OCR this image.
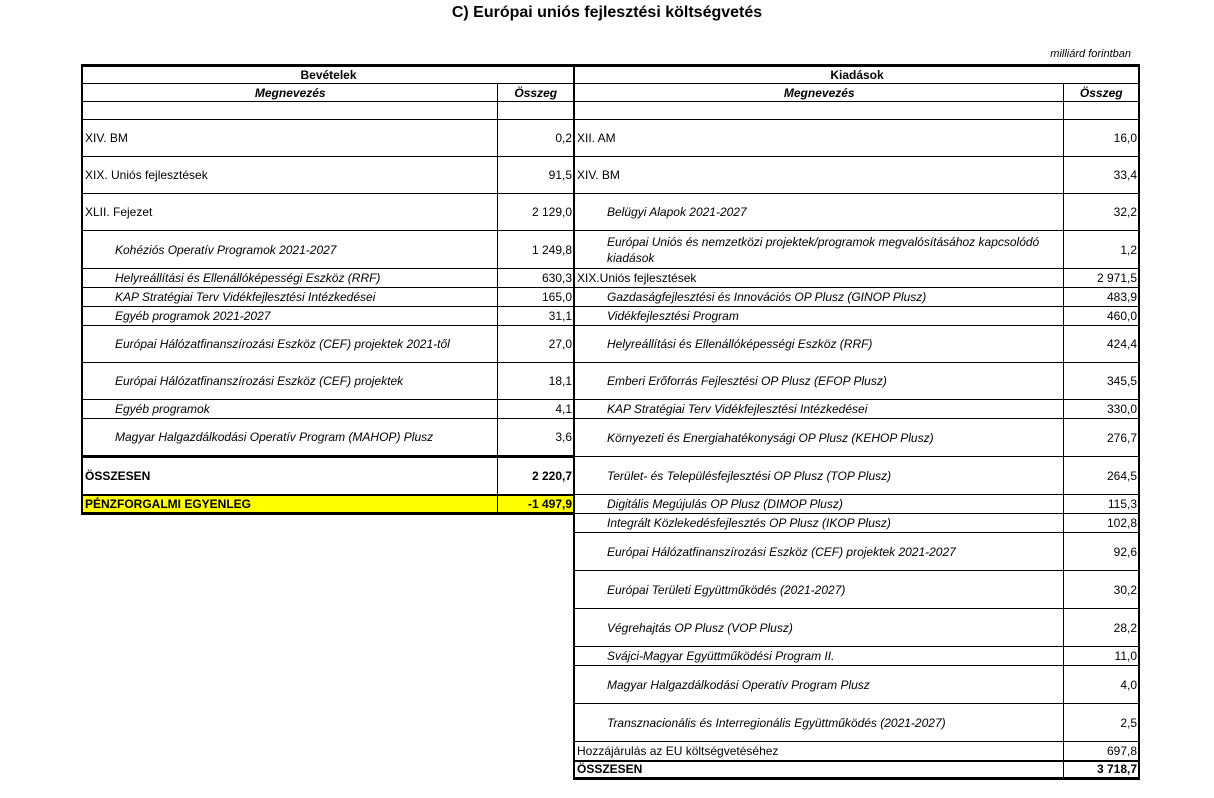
C) Európai uniós fejlesztési költségvetés
milliárd forintban
Bevételek	
Megnevezés	Összeg

XIV. BM	0,2
XIX. Uniós fejlesztések	91,5
XLII. Fejezet	2 129,0
Kohéziós Operatív Programok 2021-2027	1 249,8
Helyreállítási és Ellenállóképességi Eszköz (RRF)	630,3
KAP Stratégiai Terv Vidékfejlesztési Intézkedései	165,0
Egyéb programok 2021-2027	31,1
Európai Hálózatfinanszírozási Eszköz (CEF) projektek 2021-től	27,0
Európai Hálózatfinanszírozási Eszköz (CEF) projektek	18,1
Egyéb programok	4,1
Magyar Halgazdálkodási Operatív Program (MAHOP) Plusz	3,6
ÖSSZESEN	2 220,7
PÉNZFORGALMI EGYENLEG	-1 497,9
Kiadások	
Megnevezés	Összeg

XII. AM	16,0
XIV. BM	33,4
Belügyi Alapok 2021-2027	32,2
Európai Uniós és nemzetközi projektek/programok megvalósításához kapcsolódó kiadások	1,2
XIX.Uniós fejlesztések	2 971,5
Gazdaságfejlesztési és Innovációs OP Plusz (GINOP Plusz)	483,9
Vidékfejlesztési Program	460,0
Helyreállítási és Ellenállóképességi Eszköz (RRF)	424,4
Emberi Erőforrás Fejlesztési OP Plusz (EFOP Plusz)	345,5
KAP Stratégiai Terv Vidékfejlesztési Intézkedései	330,0
Környezeti és Energiahatékonysági OP Plusz (KEHOP Plusz)	276,7
Terület- és Településfejlesztési OP Plusz (TOP Plusz)	264,5
Digitális Megújulás OP Plusz (DIMOP Plusz)	115,3
Integrált Közlekedésfejlesztés OP Plusz (IKOP Plusz)	102,8
Európai Hálózatfinanszírozási Eszköz (CEF) projektek 2021-2027	92,6
Európai Területi Együttműködés (2021-2027)	30,2
Végrehajtás OP Plusz (VOP Plusz)	28,2
Svájci-Magyar Együttműködési Program II.	11,0
Magyar Halgazdálkodási Operatív Program Plusz	4,0
Transznacionális és Interregionális Együttműködés (2021-2027)	2,5
Hozzájárulás az EU költségvetéséhez	697,8
ÖSSZESEN	3 718,7
